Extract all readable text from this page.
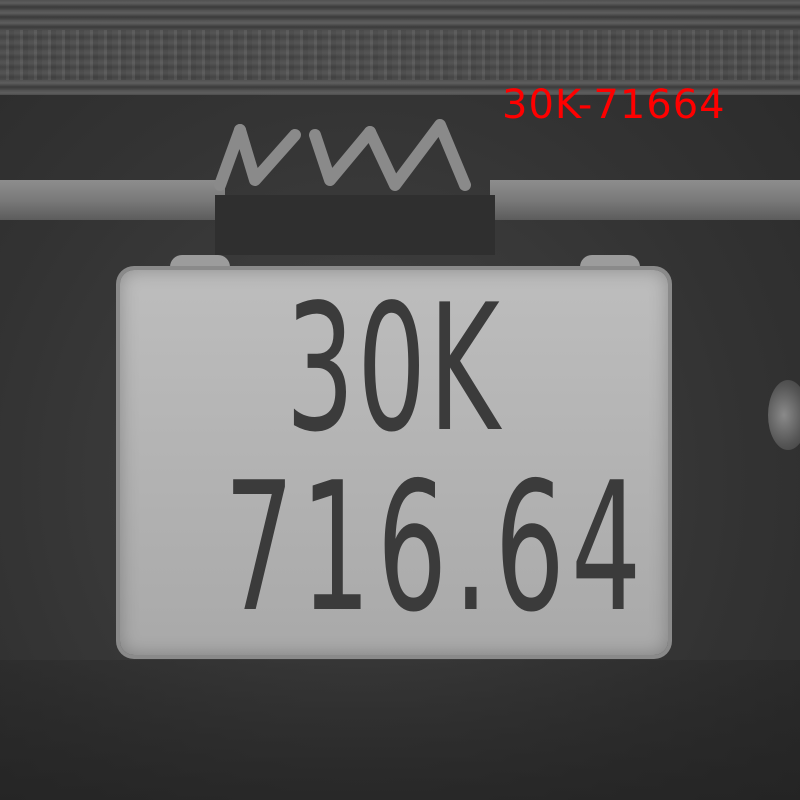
30K
716.64
30K-71664
